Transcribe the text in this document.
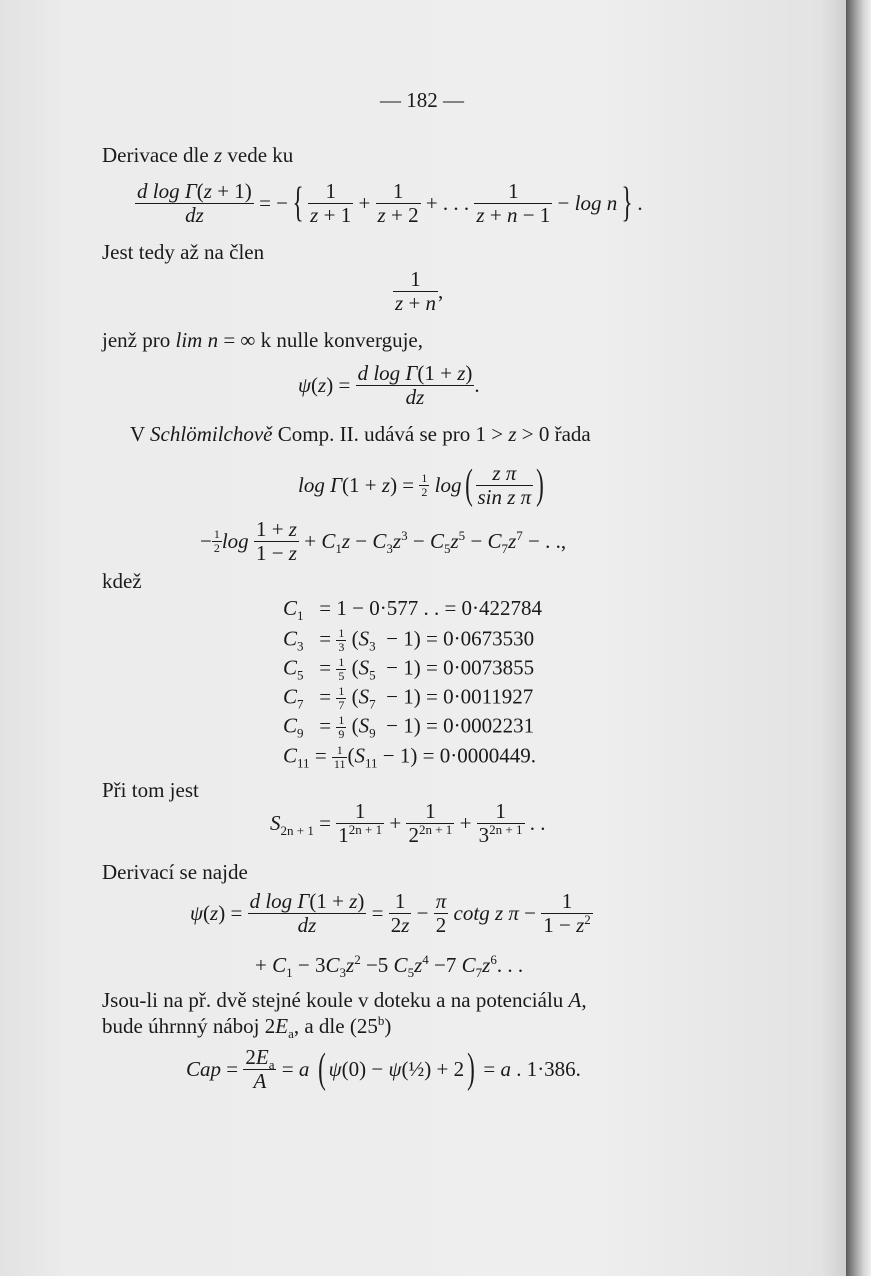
— 182 —
Derivace dle z vede ku
$\frac{\text{d log Γ(z + 1)}}{dz}$ = − { $\frac{1}{z + 1} + \frac{1}{z + 2}$ + . . . $\frac{1}{z + n - 1} - \log n$ } .
Jest tedy až na člen
$\frac{1}{z + n}$ ,
jenž pro lim n = ∞ k nulle konverguje,
$\psi(z) = \frac{\text{d log Γ(1 + z)}}{dz}$ .
V Schlömilchově Comp. II. udává se pro 1 > z > 0 řada
$\log \Gamma(1 + z) = \frac{1}{2} \log( \frac{\text{z π}}{\text{sin z π}}$ )
− $\frac{1}{2}$ $\log \frac{1 + z}{1 - z} + C_1z - C_3z^3 - C_5z^5 - C_7z^7$ − . .,
kdež
$C_1 = 1 - 0\cdot 577$ . . = 0·422784
$C_3 = \frac{1}{3} (S_3 - 1) = 0\cdot 0673530$
$C_5 = \frac{1}{5} (S_5 - 1) = 0\cdot 0073855$
$C_7 = \frac{1}{7} (S_7 - 1) = 0\cdot 0011927$
$C_9 = \frac{1}{9} (S_9 - 1) = 0\cdot 0002231$
$C_{11} = \frac{1}{11} (S_{11} - 1) = 0\cdot 0000449$.
Při tom jest
$S_{2n + 1} = \frac{1}{1^{2n + 1}} + \frac{1}{2^{2n + 1}} + \frac{1}{3^{2n + 1}}$ . .
Derivací se najde
$\psi(z) = \frac{\text{d log Γ(1 + z)}}{dz} = \frac{1}{2z} - \frac{\pi}{2}$ cotg z $\pi - \frac{1}{1 - z^2}$
+ $C_1 - 3C_3z^2 -5$ $C_5z^4 -7$ $C_7z^6$. . .
Jsou-li na př. dvě stejné koule v doteku a na potenciálu A,
bude úhrnný náboj $2E_a$, a dle (25$^b$)
Cap = $\frac{2E_a}{A} = a$ ( ψ(0) − ψ(½) + 2) = a . 1·386.
